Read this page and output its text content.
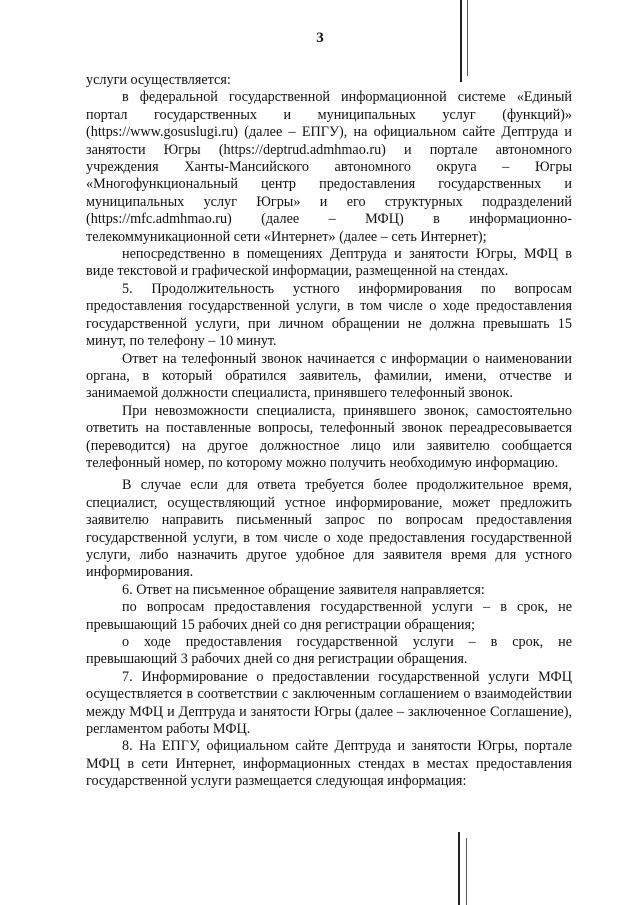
3

услуги осуществляется:

в федеральной государственной информационной системе «Единый портал государственных и муниципальных услуг (функций)» (https://www.gosuslugi.ru) (далее – ЕПГУ), на официальном сайте Дептруда и занятости Югры (https://deptrud.admhmao.ru) и портале автономного учреждения Ханты-Мансийского автономного округа – Югры «Многофункциональный центр предоставления государственных и муниципальных услуг Югры» и его структурных подразделений (https://mfc.admhmao.ru) (далее – МФЦ) в информационно-телекоммуникационной сети «Интернет» (далее – сеть Интернет);

непосредственно в помещениях Дептруда и занятости Югры, МФЦ в виде текстовой и графической информации, размещенной на стендах.

5. Продолжительность устного информирования по вопросам предоставления государственной услуги, в том числе о ходе предоставления государственной услуги, при личном обращении не должна превышать 15 минут, по телефону – 10 минут.

Ответ на телефонный звонок начинается с информации о наименовании органа, в который обратился заявитель, фамилии, имени, отчестве и занимаемой должности специалиста, принявшего телефонный звонок.

При невозможности специалиста, принявшего звонок, самостоятельно ответить на поставленные вопросы, телефонный звонок переадресовывается (переводится) на другое должностное лицо или заявителю сообщается телефонный номер, по которому можно получить необходимую информацию.

В случае если для ответа требуется более продолжительное время, специалист, осуществляющий устное информирование, может предложить заявителю направить письменный запрос по вопросам предоставления государственной услуги, в том числе о ходе предоставления государственной услуги, либо назначить другое удобное для заявителя время для устного информирования.

6. Ответ на письменное обращение заявителя направляется:

по вопросам предоставления государственной услуги – в срок, не превышающий 15 рабочих дней со дня регистрации обращения;

о ходе предоставления государственной услуги – в срок, не превышающий 3 рабочих дней со дня регистрации обращения.

7. Информирование о предоставлении государственной услуги МФЦ осуществляется в соответствии с заключенным соглашением о взаимодействии между МФЦ и Дептруда и занятости Югры (далее – заключенное Соглашение), регламентом работы МФЦ.

8. На ЕПГУ, официальном сайте Дептруда и занятости Югры, портале МФЦ в сети Интернет, информационных стендах в местах предоставления государственной услуги размещается следующая информация:
